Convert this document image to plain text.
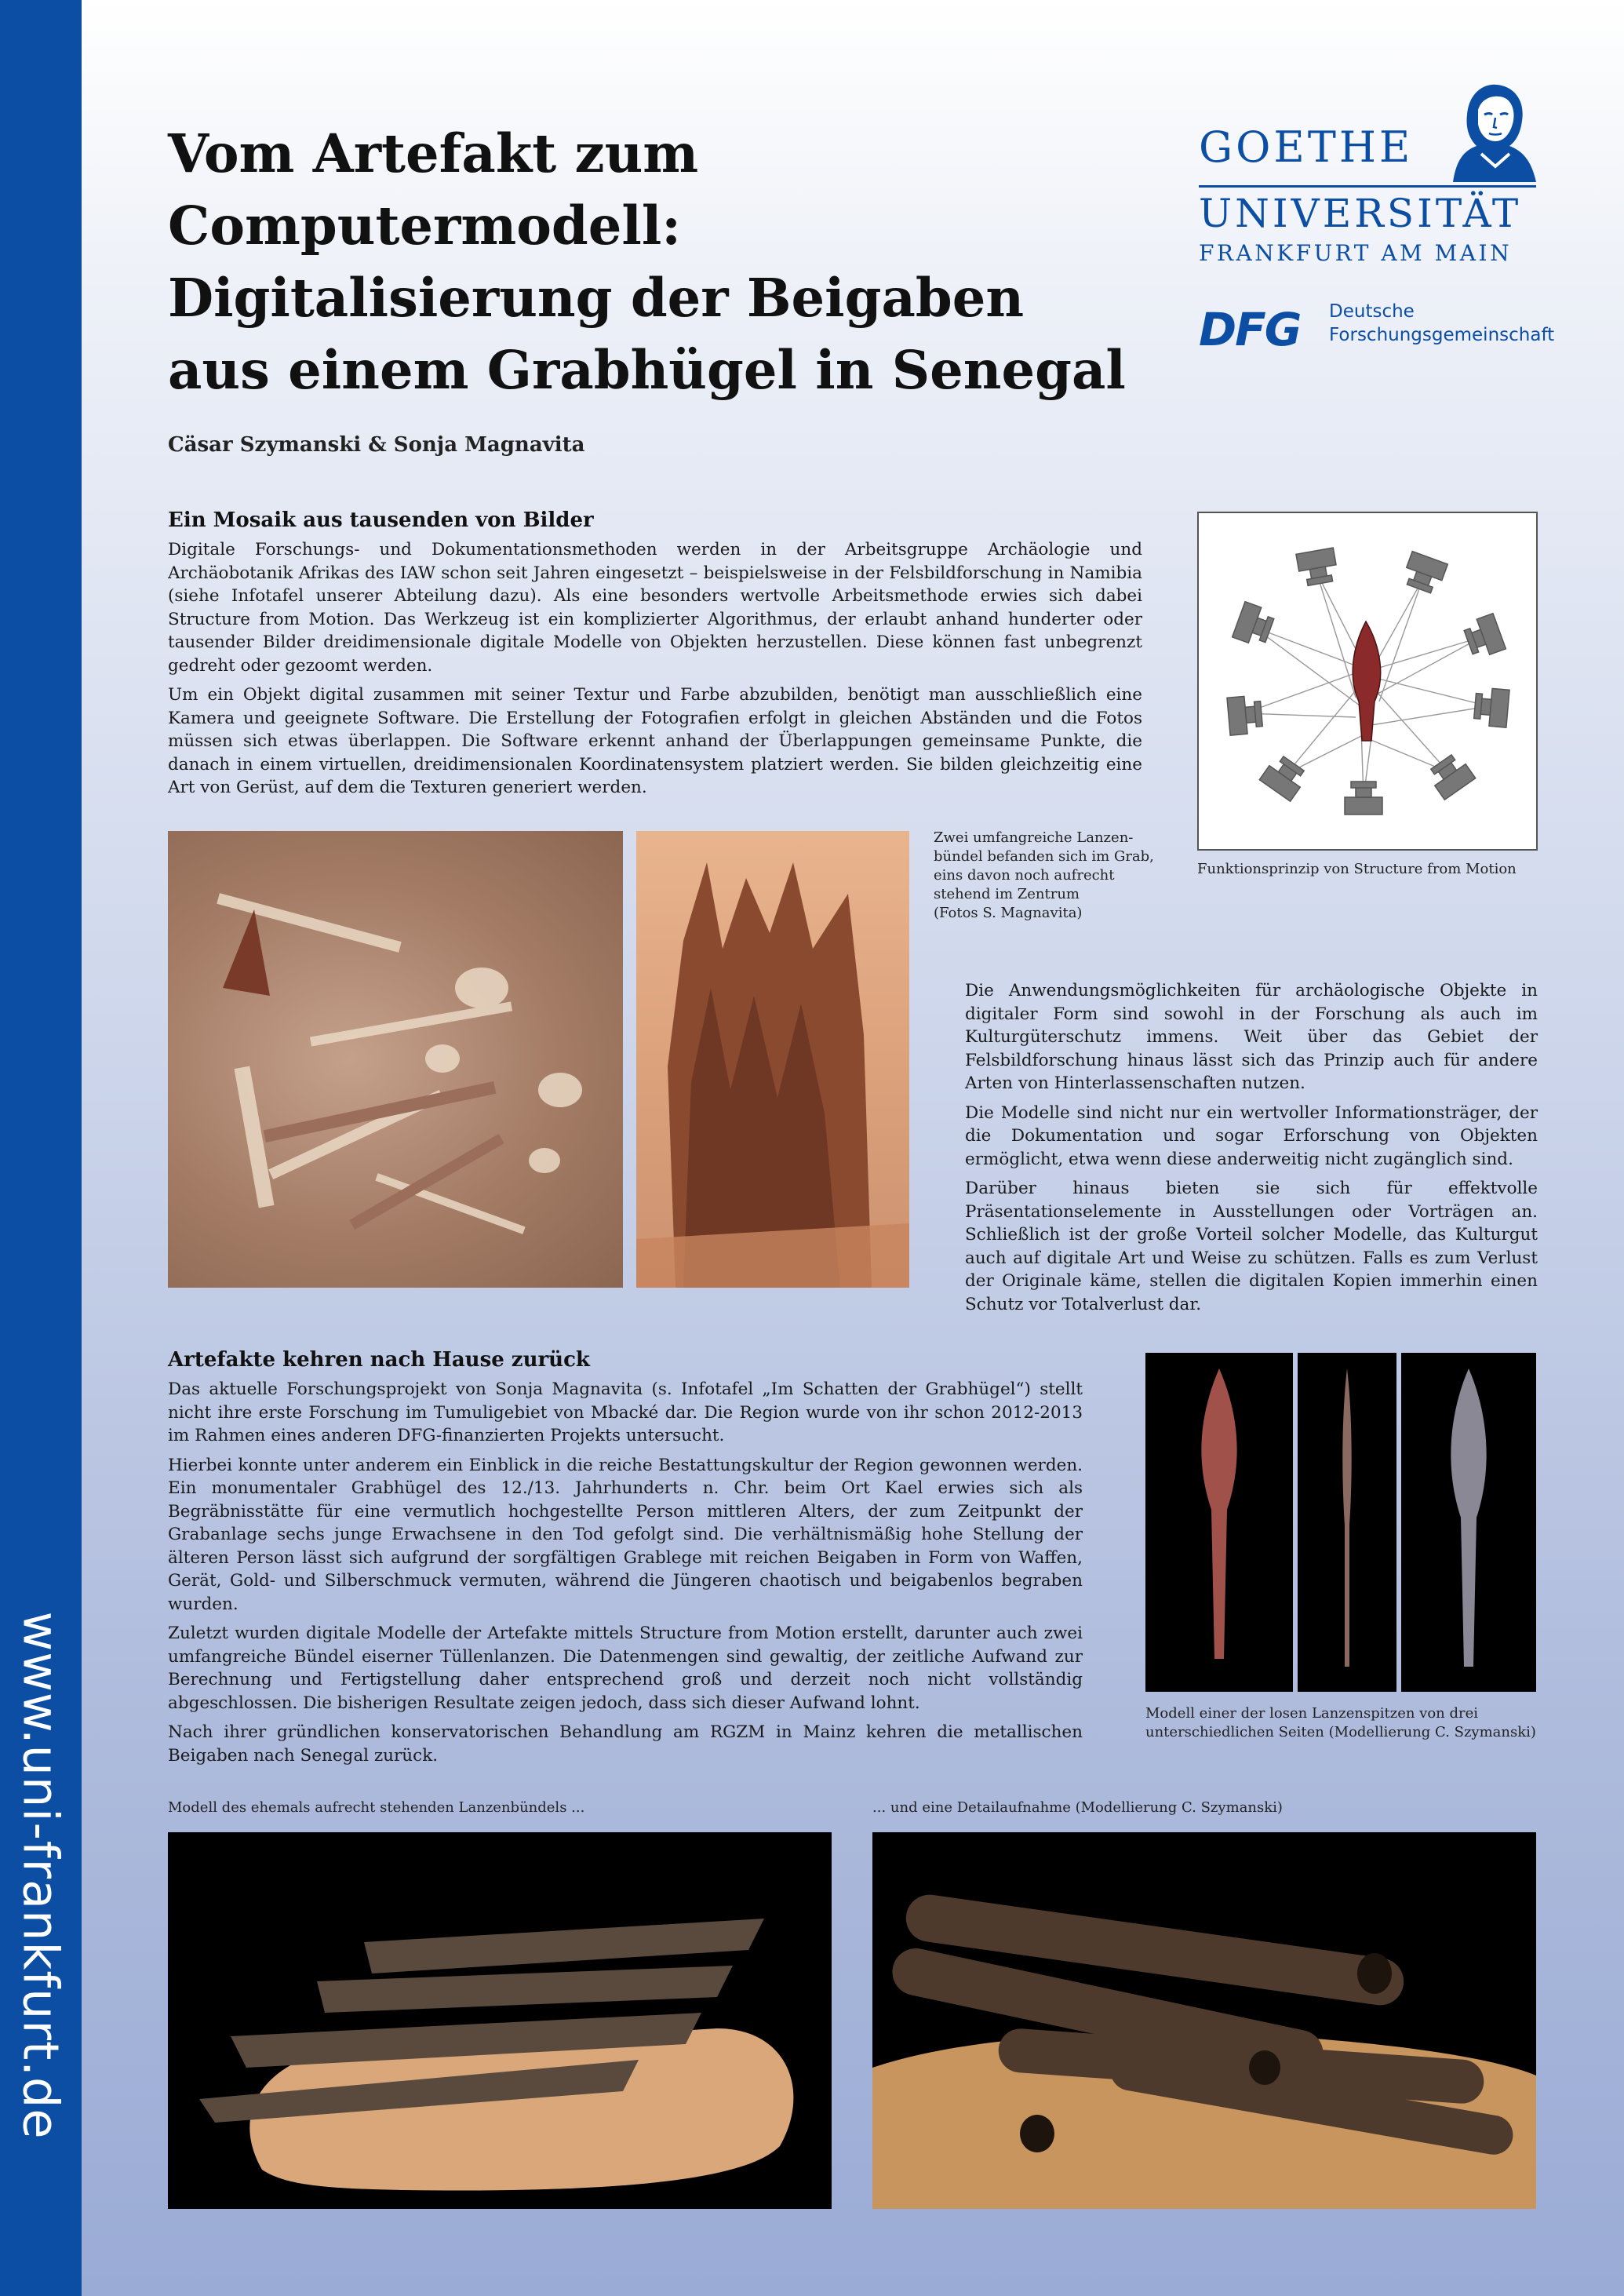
www.uni-frankfurt.de
Vom Artefakt zum
Computermodell:
Digitalisierung der Beigaben
aus einem Grabhügel in Senegal
Cäsar Szymanski & Sonja Magnavita
GOETHE
UNIVERSITÄT
FRANKFURT AM MAIN
DFG Deutsche
Forschungsgemeinschaft
Ein Mosaik aus tausenden von Bilder

Digitale Forschungs- und Dokumentationsmethoden werden in der Arbeitsgruppe Archäologie und Archäobotanik Afrikas des IAW schon seit Jahren eingesetzt – beispielsweise in der Felsbildforschung in Namibia (siehe Infotafel unserer Abteilung dazu). Als eine besonders wertvolle Arbeitsmethode erwies sich dabei Structure from Motion. Das Werkzeug ist ein komplizierter Algorithmus, der erlaubt anhand hunderter oder tausender Bilder dreidimensionale digitale Modelle von Objekten herzustellen. Diese können fast unbegrenzt gedreht oder gezoomt werden.

Um ein Objekt digital zusammen mit seiner Textur und Farbe abzubilden, benötigt man ausschließlich eine Kamera und geeignete Software. Die Erstellung der Fotografien erfolgt in gleichen Abständen und die Fotos müssen sich etwas überlappen. Die Software erkennt anhand der Überlappungen gemeinsame Punkte, die danach in einem virtuellen, dreidimensionalen Koordinatensystem platziert werden. Sie bilden gleichzeitig eine Art von Gerüst, auf dem die Texturen generiert werden.

Funktionsprinzip von Structure from Motion
Zwei umfangreiche Lanzen-
bündel befanden sich im Grab,
eins davon noch aufrecht
stehend im Zentrum
(Fotos S. Magnavita)

Die Anwendungsmöglichkeiten für archäologische Objekte in digitaler Form sind sowohl in der Forschung als auch im Kulturgüterschutz immens. Weit über das Gebiet der Felsbildforschung hinaus lässt sich das Prinzip auch für andere Arten von Hinterlassenschaften nutzen.

Die Modelle sind nicht nur ein wertvoller Informationsträger, der die Dokumentation und sogar Erforschung von Objekten ermöglicht, etwa wenn diese anderweitig nicht zugänglich sind.

Darüber hinaus bieten sie sich für effektvolle Präsentationselemente in Ausstellungen oder Vorträgen an. Schließlich ist der große Vorteil solcher Modelle, das Kulturgut auch auf digitale Art und Weise zu schützen. Falls es zum Verlust der Originale käme, stellen die digitalen Kopien immerhin einen Schutz vor Totalverlust dar.

Artefakte kehren nach Hause zurück

Das aktuelle Forschungsprojekt von Sonja Magnavita (s. Infotafel „Im Schatten der Grabhügel“) stellt nicht ihre erste Forschung im Tumuligebiet von Mbacké dar. Die Region wurde von ihr schon 2012-2013 im Rahmen eines anderen DFG-finanzierten Projekts untersucht.

Hierbei konnte unter anderem ein Einblick in die reiche Bestattungskultur der Region gewonnen werden. Ein monumentaler Grabhügel des 12./13. Jahrhunderts n. Chr. beim Ort Kael erwies sich als Begräbnisstätte für eine vermutlich hochgestellte Person mittleren Alters, der zum Zeitpunkt der Grabanlage sechs junge Erwachsene in den Tod gefolgt sind. Die verhältnismäßig hohe Stellung der älteren Person lässt sich aufgrund der sorgfältigen Grablege mit reichen Beigaben in Form von Waffen, Gerät, Gold- und Silberschmuck vermuten, während die Jüngeren chaotisch und beigabenlos begraben wurden.

Zuletzt wurden digitale Modelle der Artefakte mittels Structure from Motion erstellt, darunter auch zwei umfangreiche Bündel eiserner Tüllenlanzen. Die Datenmengen sind gewaltig, der zeitliche Aufwand zur Berechnung und Fertigstellung daher entsprechend groß und derzeit noch nicht vollständig abgeschlossen. Die bisherigen Resultate zeigen jedoch, dass sich dieser Aufwand lohnt.

Nach ihrer gründlichen konservatorischen Behandlung am RGZM in Mainz kehren die metallischen Beigaben nach Senegal zurück.

Modell einer der losen Lanzenspitzen von drei
unterschiedlichen Seiten (Modellierung C. Szymanski)
Modell des ehemals aufrecht stehenden Lanzenbündels ...	... und eine Detailaufnahme (Modellierung C. Szymanski)
